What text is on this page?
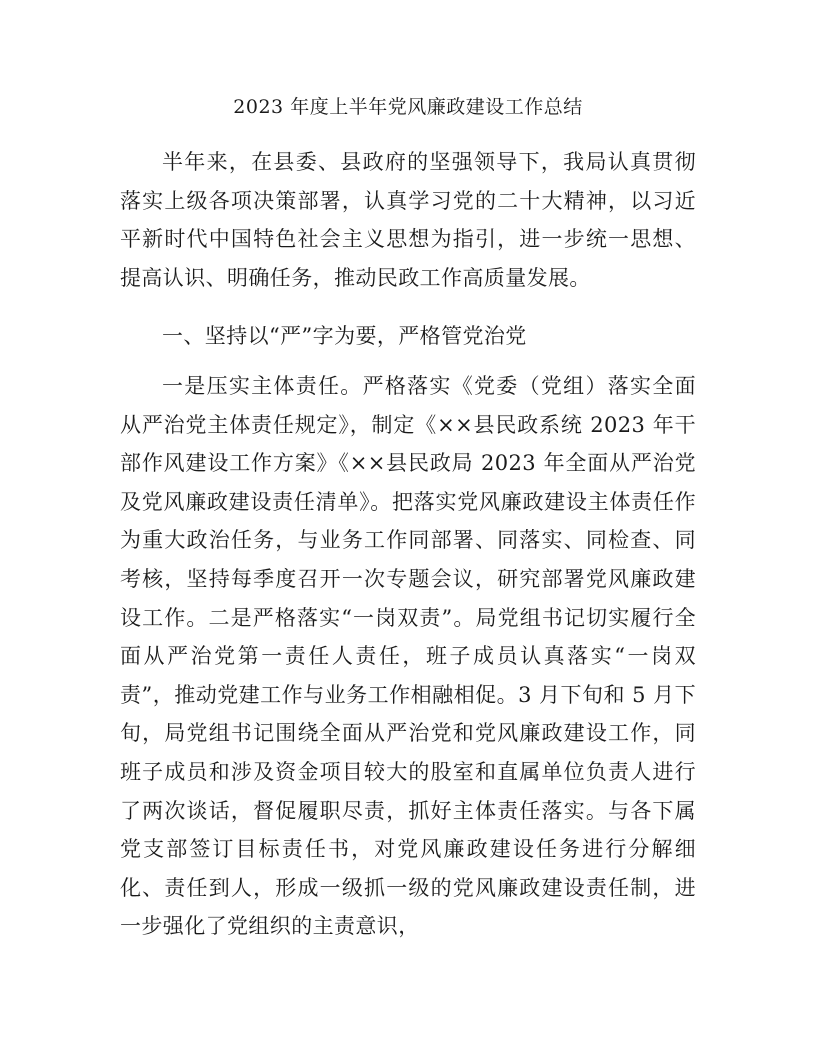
2023 年度上半年党风廉政建设工作总结

半年来，在县委、县政府的坚强领导下，我局认真贯彻落实上级各项决策部署，认真学习党的二十大精神，以习近平新时代中国特色社会主义思想为指引，进一步统一思想、提高认识、明确任务，推动民政工作高质量发展。

一、坚持以“严”字为要，严格管党治党

一是压实主体责任。严格落实《党委（党组）落实全面从严治党主体责任规定》，制定《××县民政系统 2023 年干部作风建设工作方案》《××县民政局 2023 年全面从严治党及党风廉政建设责任清单》。把落实党风廉政建设主体责任作为重大政治任务，与业务工作同部署、同落实、同检查、同考核，坚持每季度召开一次专题会议，研究部署党风廉政建设工作。二是严格落实“一岗双责”。局党组书记切实履行全面从严治党第一责任人责任，班子成员认真落实“一岗双责”，推动党建工作与业务工作相融相促。3 月下旬和 5 月下旬，局党组书记围绕全面从严治党和党风廉政建设工作，同班子成员和涉及资金项目较大的股室和直属单位负责人进行了两次谈话，督促履职尽责，抓好主体责任落实。与各下属党支部签订目标责任书，对党风廉政建设任务进行分解细化、责任到人，形成一级抓一级的党风廉政建设责任制，进一步强化了党组织的主责意识，
